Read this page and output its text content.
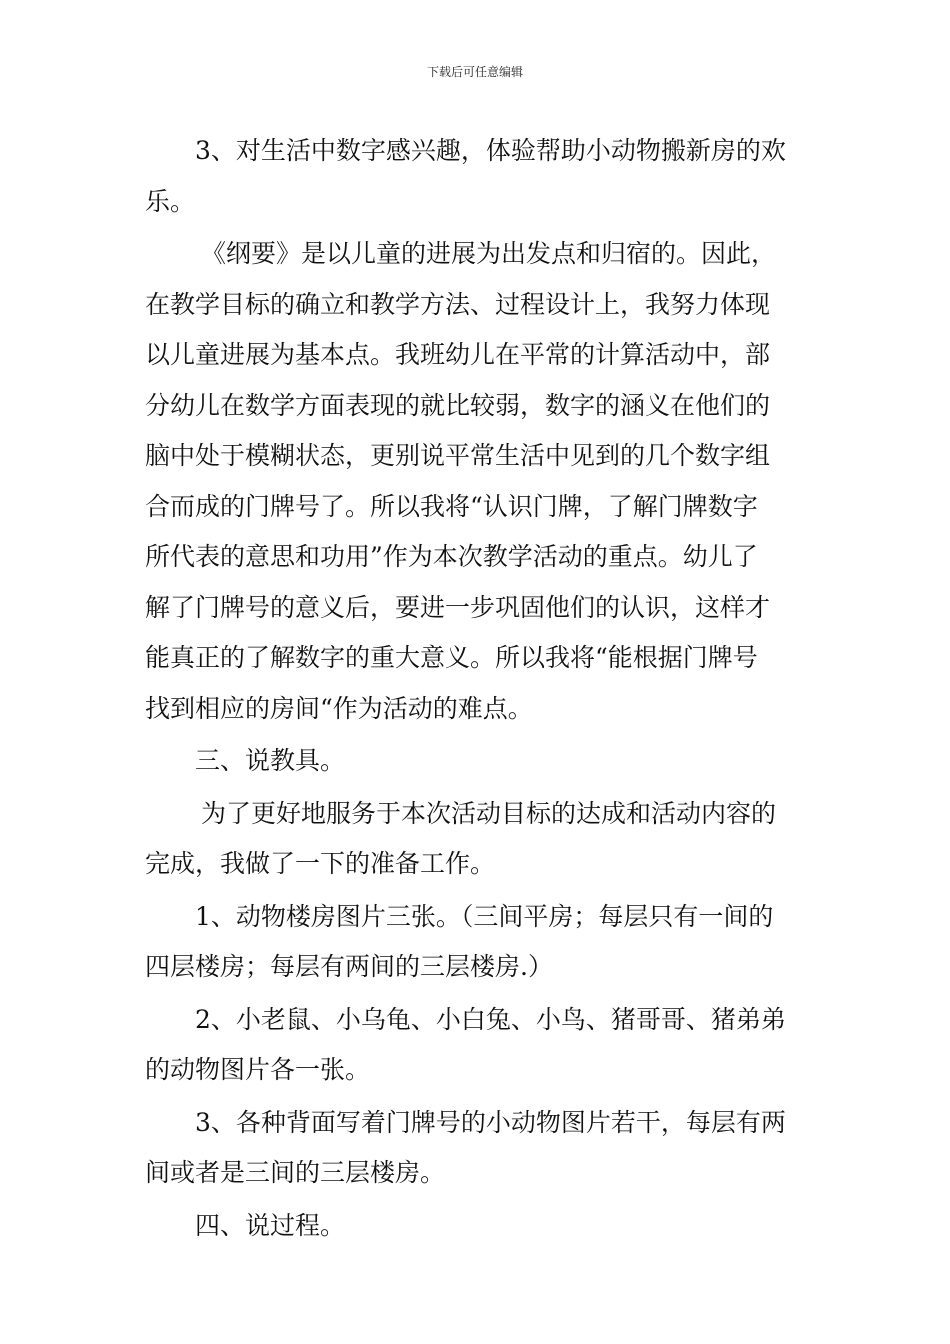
下载后可任意编辑

3、对生活中数字感兴趣，体验帮助小动物搬新房的欢
乐。

《纲要》是以儿童的进展为出发点和归宿的。因此，
在教学目标的确立和教学方法、过程设计上，我努力体现
以儿童进展为基本点。我班幼儿在平常的计算活动中，部
分幼儿在数学方面表现的就比较弱，数字的涵义在他们的
脑中处于模糊状态，更别说平常生活中见到的几个数字组
合而成的门牌号了。所以我将“认识门牌，了解门牌数字
所代表的意思和功用”作为本次教学活动的重点。幼儿了
解了门牌号的意义后，要进一步巩固他们的认识，这样才
能真正的了解数字的重大意义。所以我将“能根据门牌号
找到相应的房间“作为活动的难点。

三、说教具。

为了更好地服务于本次活动目标的达成和活动内容的
完成，我做了一下的准备工作。

1、动物楼房图片三张。（三间平房；每层只有一间的
四层楼房；每层有两间的三层楼房.）

2、小老鼠、小乌龟、小白兔、小鸟、猪哥哥、猪弟弟
的动物图片各一张。

3、各种背面写着门牌号的小动物图片若干，每层有两
间或者是三间的三层楼房。

四、说过程。
